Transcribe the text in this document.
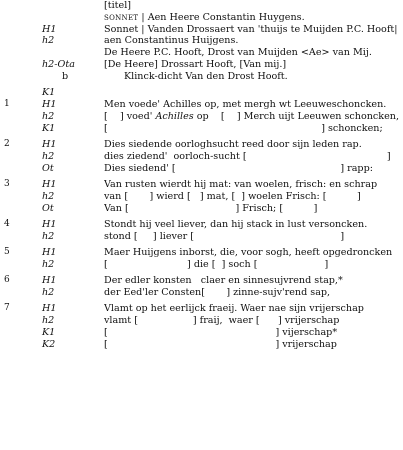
[titel]
sonnet | Aen Heere Constantin Huygens.
H1	Sonnet | Vanden Drossaert van 'thuijs te Muijden P.C. Hooft|
h2	aen Constantinus Huijgens.
De Heere P.C. Hooft, Drost van Muijden <Ae> van Mij.
h2-Ota	[De Heere] Drossart Hooft, [Van mij.]
b	Klinck-dicht Van den Drost Hooft.
K1
1	H1	Men voede' Achilles op, met mergh wt Leeuweschoncken.
h2	[    ] voed' Achilles op    [    ] Merch uijt Leeuwen schoncken,
K1	[                                                                      ] schoncken;
2	H1	Dies siedende oorloghsucht reed door sijn leden rap.
h2	dies ziedend'  oorloch-sucht [                                              ]
Ot	Dies siedend' [                                                      ] rapp:
3	H1	Van rusten wierdt hij mat: van woelen, frisch: en schrap
h2	van [       ] wierd [   ] mat, [  ] woelen Frisch: [          ]
Ot	Van [                                   ] Frisch; [          ]
4	H1	Stondt hij veel liever, dan hij stack in lust versoncken.
h2	stond [     ] liever [                                                ]
5	H1	Maer Huijgens inborst, die, voor sogh, heeft opgedroncken
h2	[                          ] die [  ] soch [                      ]
6	H1	Der edler konsten   claer en sinnesujvrend stap,*
h2	der Eed'ler Consten[       ] zinne-sujv'rend sap,
7	H1	Vlamt op het eerlijck fraeij. Waer nae sijn vrijerschap
h2	vlamt [                  ] fraij,  waer [      ] vrijerschap
K1	[                                                       ] vijerschap*
K2	[                                                       ] vrijerschap
